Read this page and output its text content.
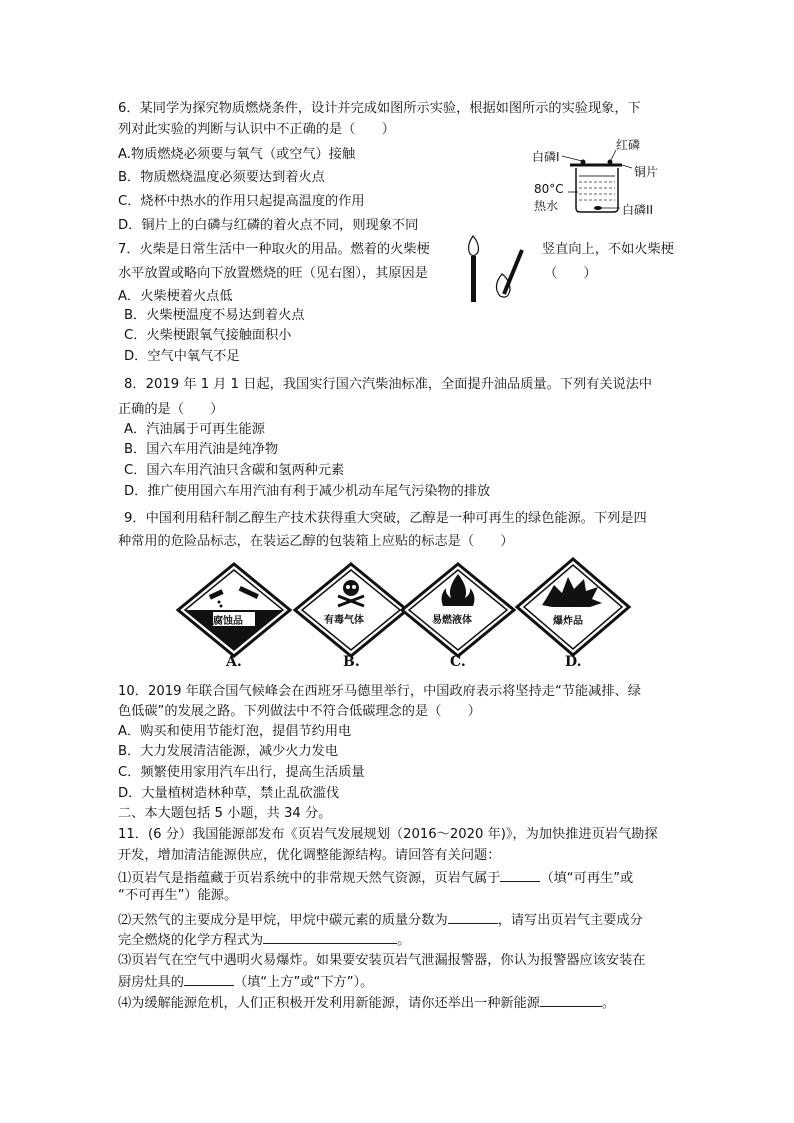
6．某同学为探究物质燃烧条件，设计并完成如图所示实验，根据如图所示的实验现象，下
列对此实验的判断与认识中不正确的是（　　）
A.物质燃烧必须要与氧气（或空气）接触
B．物质燃烧温度必须要达到着火点
C．烧杯中热水的作用只起提高温度的作用
D．铜片上的白磷与红磷的着火点不同，则现象不同
白磷I
红磷
铜片
80°C
热水	白磷II
7．火柴是日常生活中一种取火的用品。燃着的火柴梗	竖直向上，不如火柴梗
水平放置或略向下放置燃烧的旺（见右图），其原因是	（　　）
A．火柴梗着火点低
B．火柴梗温度不易达到着火点
C．火柴梗跟氧气接触面积小
D．空气中氧气不足
8．2019 年 1 月 1 日起，我国实行国六汽柴油标准，全面提升油品质量。下列有关说法中
正确的是（　　）
A．汽油属于可再生能源
B．国六车用汽油是纯净物
C．国六车用汽油只含碳和氢两种元素
D．推广使用国六车用汽油有利于减少机动车尾气污染物的排放
9．中国利用秸秆制乙醇生产技术获得重大突破，乙醇是一种可再生的绿色能源。下列是四
种常用的危险品标志，在装运乙醇的包装箱上应贴的标志是（　　）
腐蚀品
A.
有毒气体
B.
易燃液体
C.
爆炸品
D.
10．2019 年联合国气候峰会在西班牙马德里举行，中国政府表示将坚持走“节能减排、绿
色低碳”的发展之路。下列做法中不符合低碳理念的是（　　）
A．购买和使用节能灯泡，提倡节约用电
B．大力发展清洁能源，减少火力发电
C．频繁使用家用汽车出行，提高生活质量
D．大量植树造林种草，禁止乱砍滥伐
二、本大题包括 5 小题，共 34 分。
11．(6 分）我国能源部发布《页岩气发展规划（2016～2020 年)》，为加快推进页岩气勘探
开发，增加清洁能源供应，优化调整能源结构。请回答有关问题：
⑴页岩气是指蕴藏于页岩系统中的非常规天然气资源，页岩气属于	（填“可再生”或
“不可再生”）能源。
⑵天然气的主要成分是甲烷，甲烷中碳元素的质量分数为	，请写出页岩气主要成分
完全燃烧的化学方程式为	。
⑶页岩气在空气中遇明火易爆炸。如果要安装页岩气泄漏报警器，你认为报警器应该安装在
厨房灶具的	（填“上方”或“下方”）。
⑷为缓解能源危机，人们正积极开发利用新能源，请你还举出一种新能源	。
